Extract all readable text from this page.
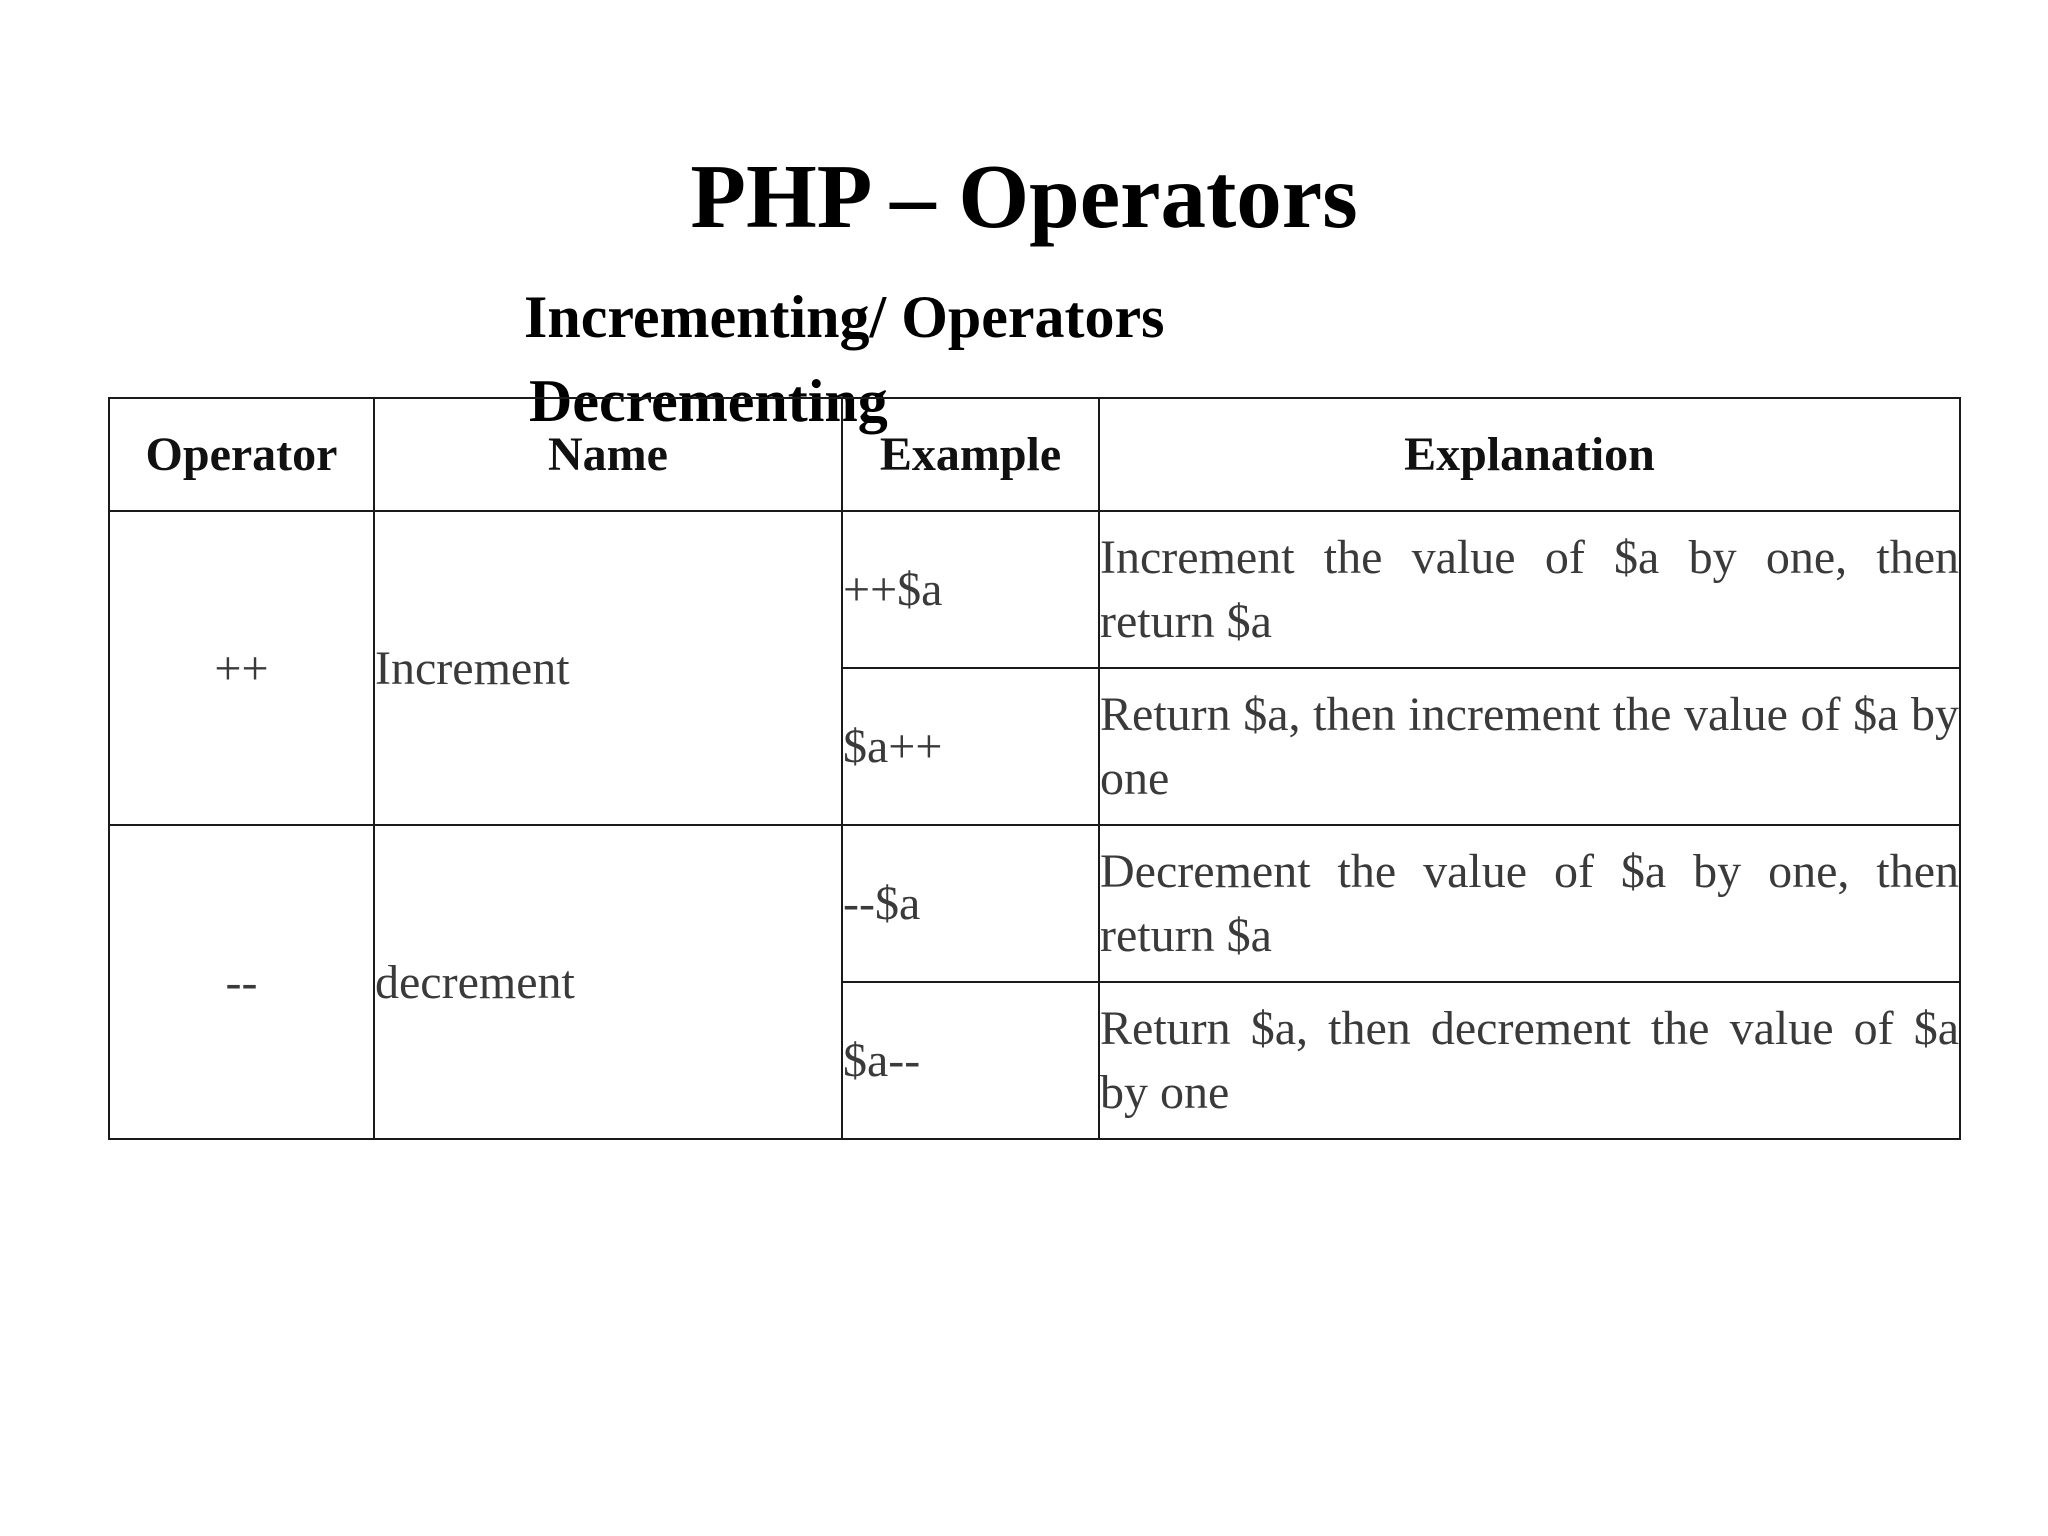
PHP – Operators
Incrementing/ Operators
Decrementing
Operator	Name	Example	Explanation
++	Increment	++$a	Increment the value of $a by one, then return $a
		$a++	Return $a, then increment the value of $a by one
--	decrement	--$a	Decrement the value of $a by one, then return $a
		$a--	Return $a, then decrement the value of $a by one
